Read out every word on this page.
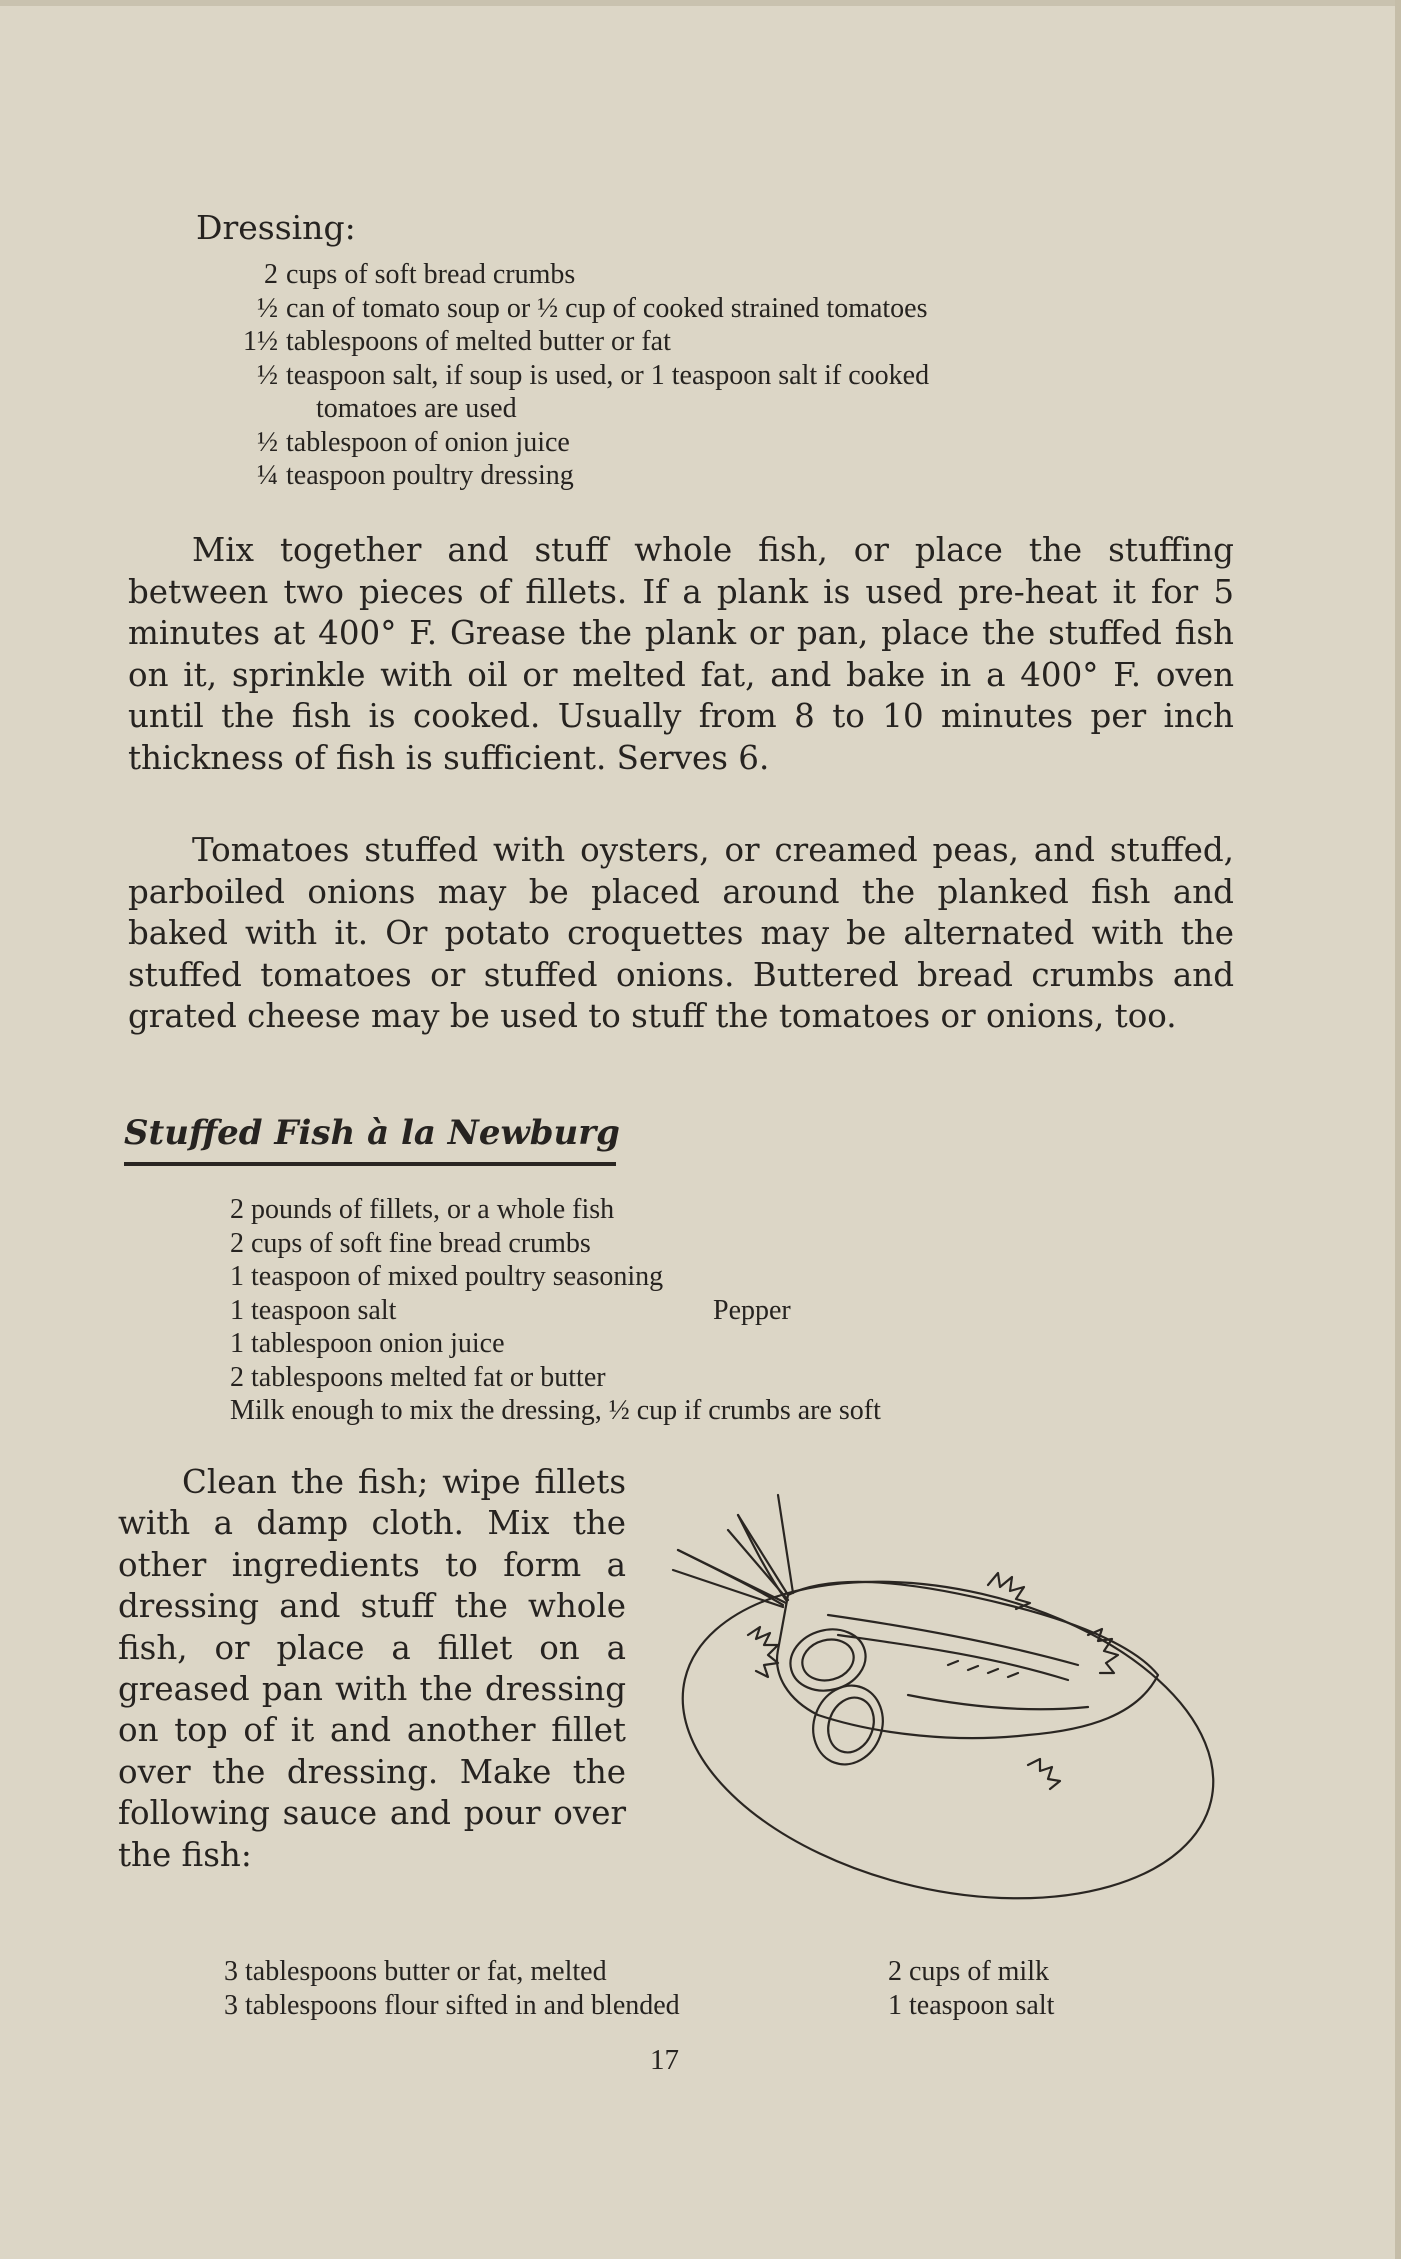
Dressing:
2 cups of soft bread crumbs
½ can of tomato soup or ½ cup of cooked strained tomatoes
1½ tablespoons of melted butter or fat
½ teaspoon salt, if soup is used, or 1 teaspoon salt if cooked
tomatoes are used
½ tablespoon of onion juice
¼ teaspoon poultry dressing

Mix together and stuff whole fish, or place the stuffing between two pieces of fillets. If a plank is used pre-heat it for 5 minutes at 400° F. Grease the plank or pan, place the stuffed fish on it, sprinkle with oil or melted fat, and bake in a 400° F. oven until the fish is cooked. Usually from 8 to 10 minutes per inch thickness of fish is sufficient. Serves 6.

Tomatoes stuffed with oysters, or creamed peas, and stuffed, parboiled onions may be placed around the planked fish and baked with it. Or potato croquettes may be alternated with the stuffed tomatoes or stuffed onions. Buttered bread crumbs and grated cheese may be used to stuff the tomatoes or onions, too.

Stuffed Fish à la Newburg
2 pounds of fillets, or a whole fish
2 cups of soft fine bread crumbs
1 teaspoon of mixed poultry seasoning
1 teaspoon salt	Pepper
1 tablespoon onion juice
2 tablespoons melted fat or butter
Milk enough to mix the dressing, ½ cup if crumbs are soft

Clean the fish; wipe fillets with a damp cloth. Mix the other ingredients to form a dressing and stuff the whole fish, or place a fillet on a greased pan with the dressing on top of it and another fillet over the dressing. Make the following sauce and pour over the fish:

3 tablespoons butter or fat, melted
3 tablespoons flour sifted in and blended
2 cups of milk
1 teaspoon salt
17
